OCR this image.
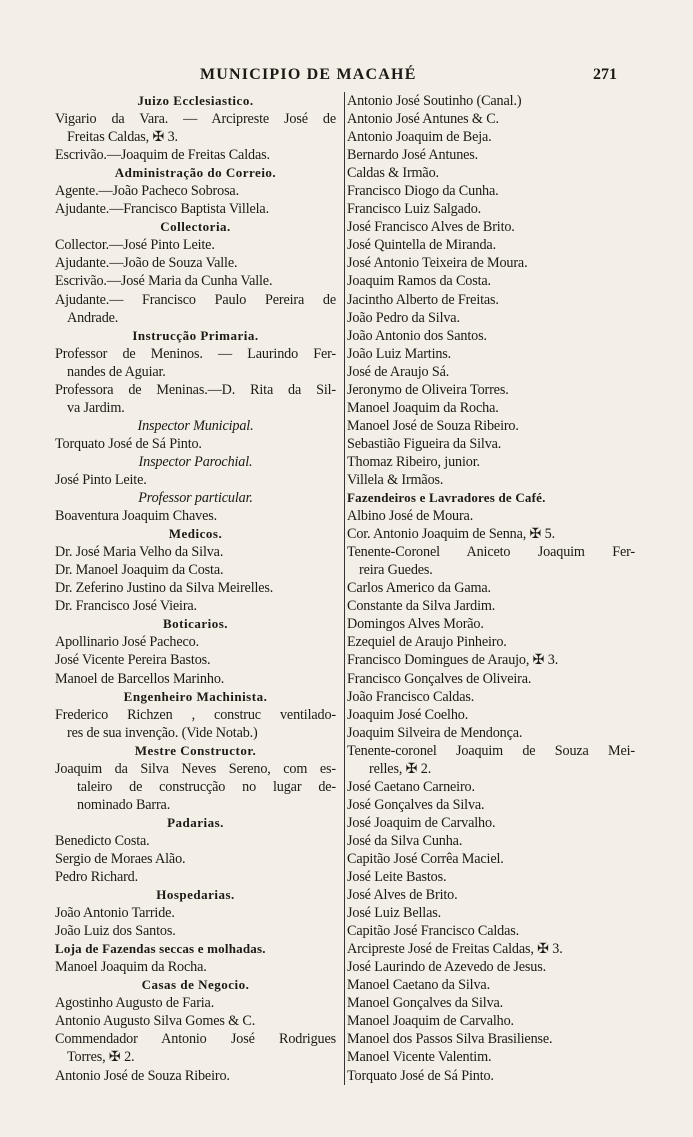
MUNICIPIO DE MACAHÉ	271
Juizo Ecclesiastico.
Vigario da Vara. — Arcipreste José de
Freitas Caldas, ✠ 3.
Escrivão.—Joaquim de Freitas Caldas.
Administração do Correio.
Agente.—João Pacheco Sobrosa.
Ajudante.—Francisco Baptista Villela.
Collectoria.
Collector.—José Pinto Leite.
Ajudante.—João de Souza Valle.
Escrivão.—José Maria da Cunha Valle.
Ajudante.— Francisco Paulo Pereira de
Andrade.
Instrucção Primaria.
Professor de Meninos. — Laurindo Fer-
nandes de Aguiar.
Professora de Meninas.—D. Rita da Sil-
va Jardim.
Inspector Municipal.
Torquato José de Sá Pinto.
Inspector Parochial.
José Pinto Leite.
Professor particular.
Boaventura Joaquim Chaves.
Medicos.
Dr. José Maria Velho da Silva.
Dr. Manoel Joaquim da Costa.
Dr. Zeferino Justino da Silva Meirelles.
Dr. Francisco José Vieira.
Boticarios.
Apollinario José Pacheco.
José Vicente Pereira Bastos.
Manoel de Barcellos Marinho.
Engenheiro Machinista.
Frederico Richzen , construc ventilado-
res de sua invenção. (Vide Notab.)
Mestre Constructor.
Joaquim da Silva Neves Sereno, com es-
taleiro de construcção no lugar de-
nominado Barra.
Padarias.
Benedicto Costa.
Sergio de Moraes Alão.
Pedro Richard.
Hospedarias.
João Antonio Tarride.
João Luiz dos Santos.
Loja de Fazendas seccas e molhadas.
Manoel Joaquim da Rocha.
Casas de Negocio.
Agostinho Augusto de Faria.
Antonio Augusto Silva Gomes & C.
Commendador Antonio José Rodrigues
Torres, ✠ 2.
Antonio José de Souza Ribeiro.
Antonio José Soutinho (Canal.)
Antonio José Antunes & C.
Antonio Joaquim de Beja.
Bernardo José Antunes.
Caldas & Irmão.
Francisco Diogo da Cunha.
Francisco Luiz Salgado.
José Francisco Alves de Brito.
José Quintella de Miranda.
José Antonio Teixeira de Moura.
Joaquim Ramos da Costa.
Jacintho Alberto de Freitas.
João Pedro da Silva.
João Antonio dos Santos.
João Luiz Martins.
José de Araujo Sá.
Jeronymo de Oliveira Torres.
Manoel Joaquim da Rocha.
Manoel José de Souza Ribeiro.
Sebastião Figueira da Silva.
Thomaz Ribeiro, junior.
Villela & Irmãos.
Fazendeiros e Lavradores de Café.
Albino José de Moura.
Cor. Antonio Joaquim de Senna, ✠ 5.
Tenente-Coronel Aniceto Joaquim Fer-
reira Guedes.
Carlos Americo da Gama.
Constante da Silva Jardim.
Domingos Alves Morão.
Ezequiel de Araujo Pinheiro.
Francisco Domingues de Araujo, ✠ 3.
Francisco Gonçalves de Oliveira.
João Francisco Caldas.
Joaquim José Coelho.
Joaquim Silveira de Mendonça.
Tenente-coronel Joaquim de Souza Mei-
relles, ✠ 2.
José Caetano Carneiro.
José Gonçalves da Silva.
José Joaquim de Carvalho.
José da Silva Cunha.
Capitão José Corrêa Maciel.
José Leite Bastos.
José Alves de Brito.
José Luiz Bellas.
Capitão José Francisco Caldas.
Arcipreste José de Freitas Caldas, ✠ 3.
José Laurindo de Azevedo de Jesus.
Manoel Caetano da Silva.
Manoel Gonçalves da Silva.
Manoel Joaquim de Carvalho.
Manoel dos Passos Silva Brasiliense.
Manoel Vicente Valentim.
Torquato José de Sá Pinto.
